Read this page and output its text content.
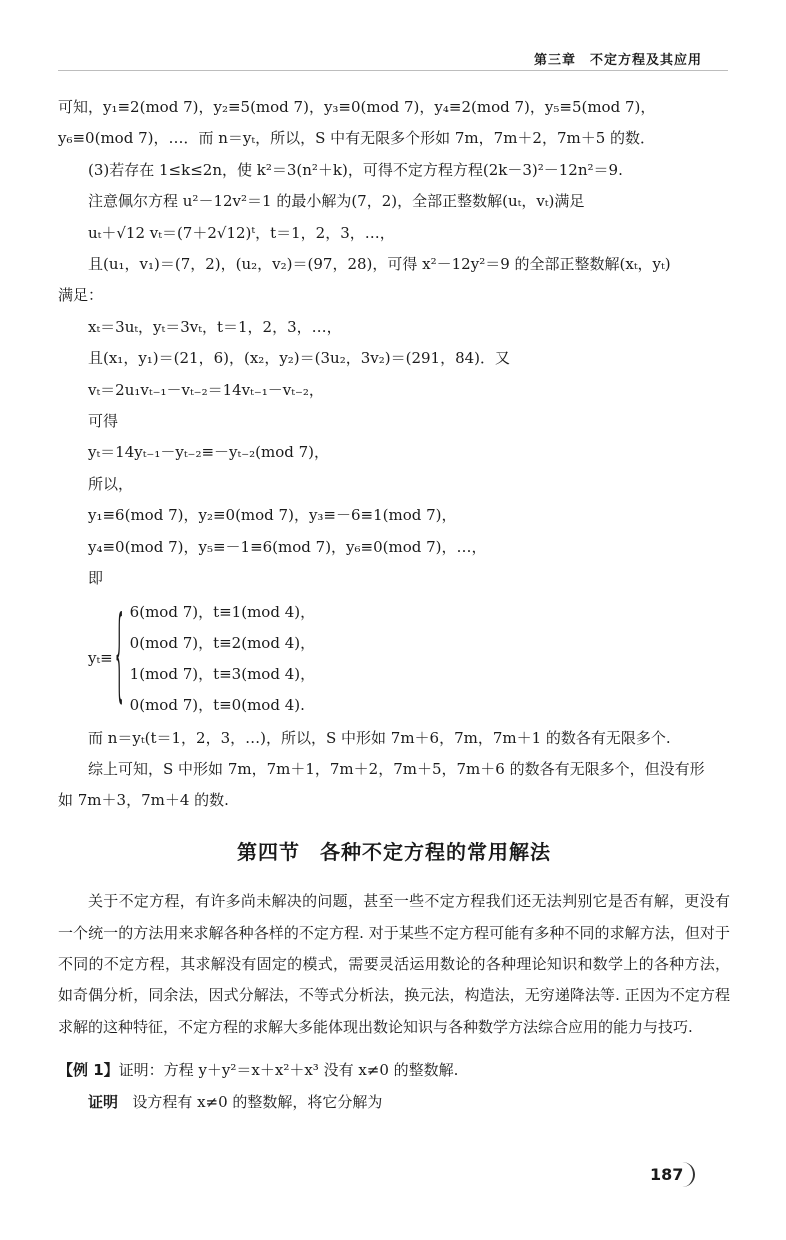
第三章 不定方程及其应用
可知，y₁≡2(mod 7)，y₂≡5(mod 7)，y₃≡0(mod 7)，y₄≡2(mod 7)，y₅≡5(mod 7)，
y₆≡0(mod 7)，…．而 n＝yₜ，所以，S 中有无限多个形如 7m，7m＋2，7m＋5 的数．
(3)若存在 1≤k≤2n，使 k²＝3(n²＋k)，可得不定方程方程(2k－3)²－12n²＝9.
注意佩尔方程 u²－12v²＝1 的最小解为(7，2)，全部正整数解(uₜ，vₜ)满足
uₜ＋√12 vₜ＝(7＋2√12)ᵗ，t＝1，2，3，…，
且(u₁，v₁)＝(7，2)，(u₂，v₂)＝(97，28)，可得 x²－12y²＝9 的全部正整数解(xₜ，yₜ)
满足：
xₜ＝3uₜ，yₜ＝3vₜ，t＝1，2，3，…，
且(x₁，y₁)＝(21，6)，(x₂，y₂)＝(3u₂，3v₂)＝(291，84)．又
vₜ＝2u₁vₜ₋₁－vₜ₋₂＝14vₜ₋₁－vₜ₋₂，
可得
yₜ＝14yₜ₋₁－yₜ₋₂≡－yₜ₋₂(mod 7)，
所以，
y₁≡6(mod 7)，y₂≡0(mod 7)，y₃≡－6≡1(mod 7)，
y₄≡0(mod 7)，y₅≡－1≡6(mod 7)，y₆≡0(mod 7)，…，
即
yₜ≡ { 6(mod 7)，t≡1(mod 4)，
0(mod 7)，t≡2(mod 4)，
1(mod 7)，t≡3(mod 4)，
0(mod 7)，t≡0(mod 4).
而 n＝yₜ(t＝1，2，3，…)，所以，S 中形如 7m＋6，7m，7m＋1 的数各有无限多个.
综上可知，S 中形如 7m，7m＋1，7m＋2，7m＋5，7m＋6 的数各有无限多个，但没有形
如 7m＋3，7m＋4 的数.
第四节 各种不定方程的常用解法
关于不定方程，有许多尚未解决的问题，甚至一些不定方程我们还无法判别它是否有解，更没有一个统一的方法用来求解各种各样的不定方程. 对于某些不定方程可能有多种不同的求解方法，但对于不同的不定方程，其求解没有固定的模式，需要灵活运用数论的各种理论知识和数学上的各种方法，如奇偶分析，同余法，因式分解法，不等式分析法，换元法，构造法，无穷递降法等. 正因为不定方程求解的这种特征，不定方程的求解大多能体现出数论知识与各种数学方法综合应用的能力与技巧.
【例 1】证明：方程 y＋y²＝x＋x²＋x³ 没有 x≠0 的整数解.
证明 设方程有 x≠0 的整数解，将它分解为
187
